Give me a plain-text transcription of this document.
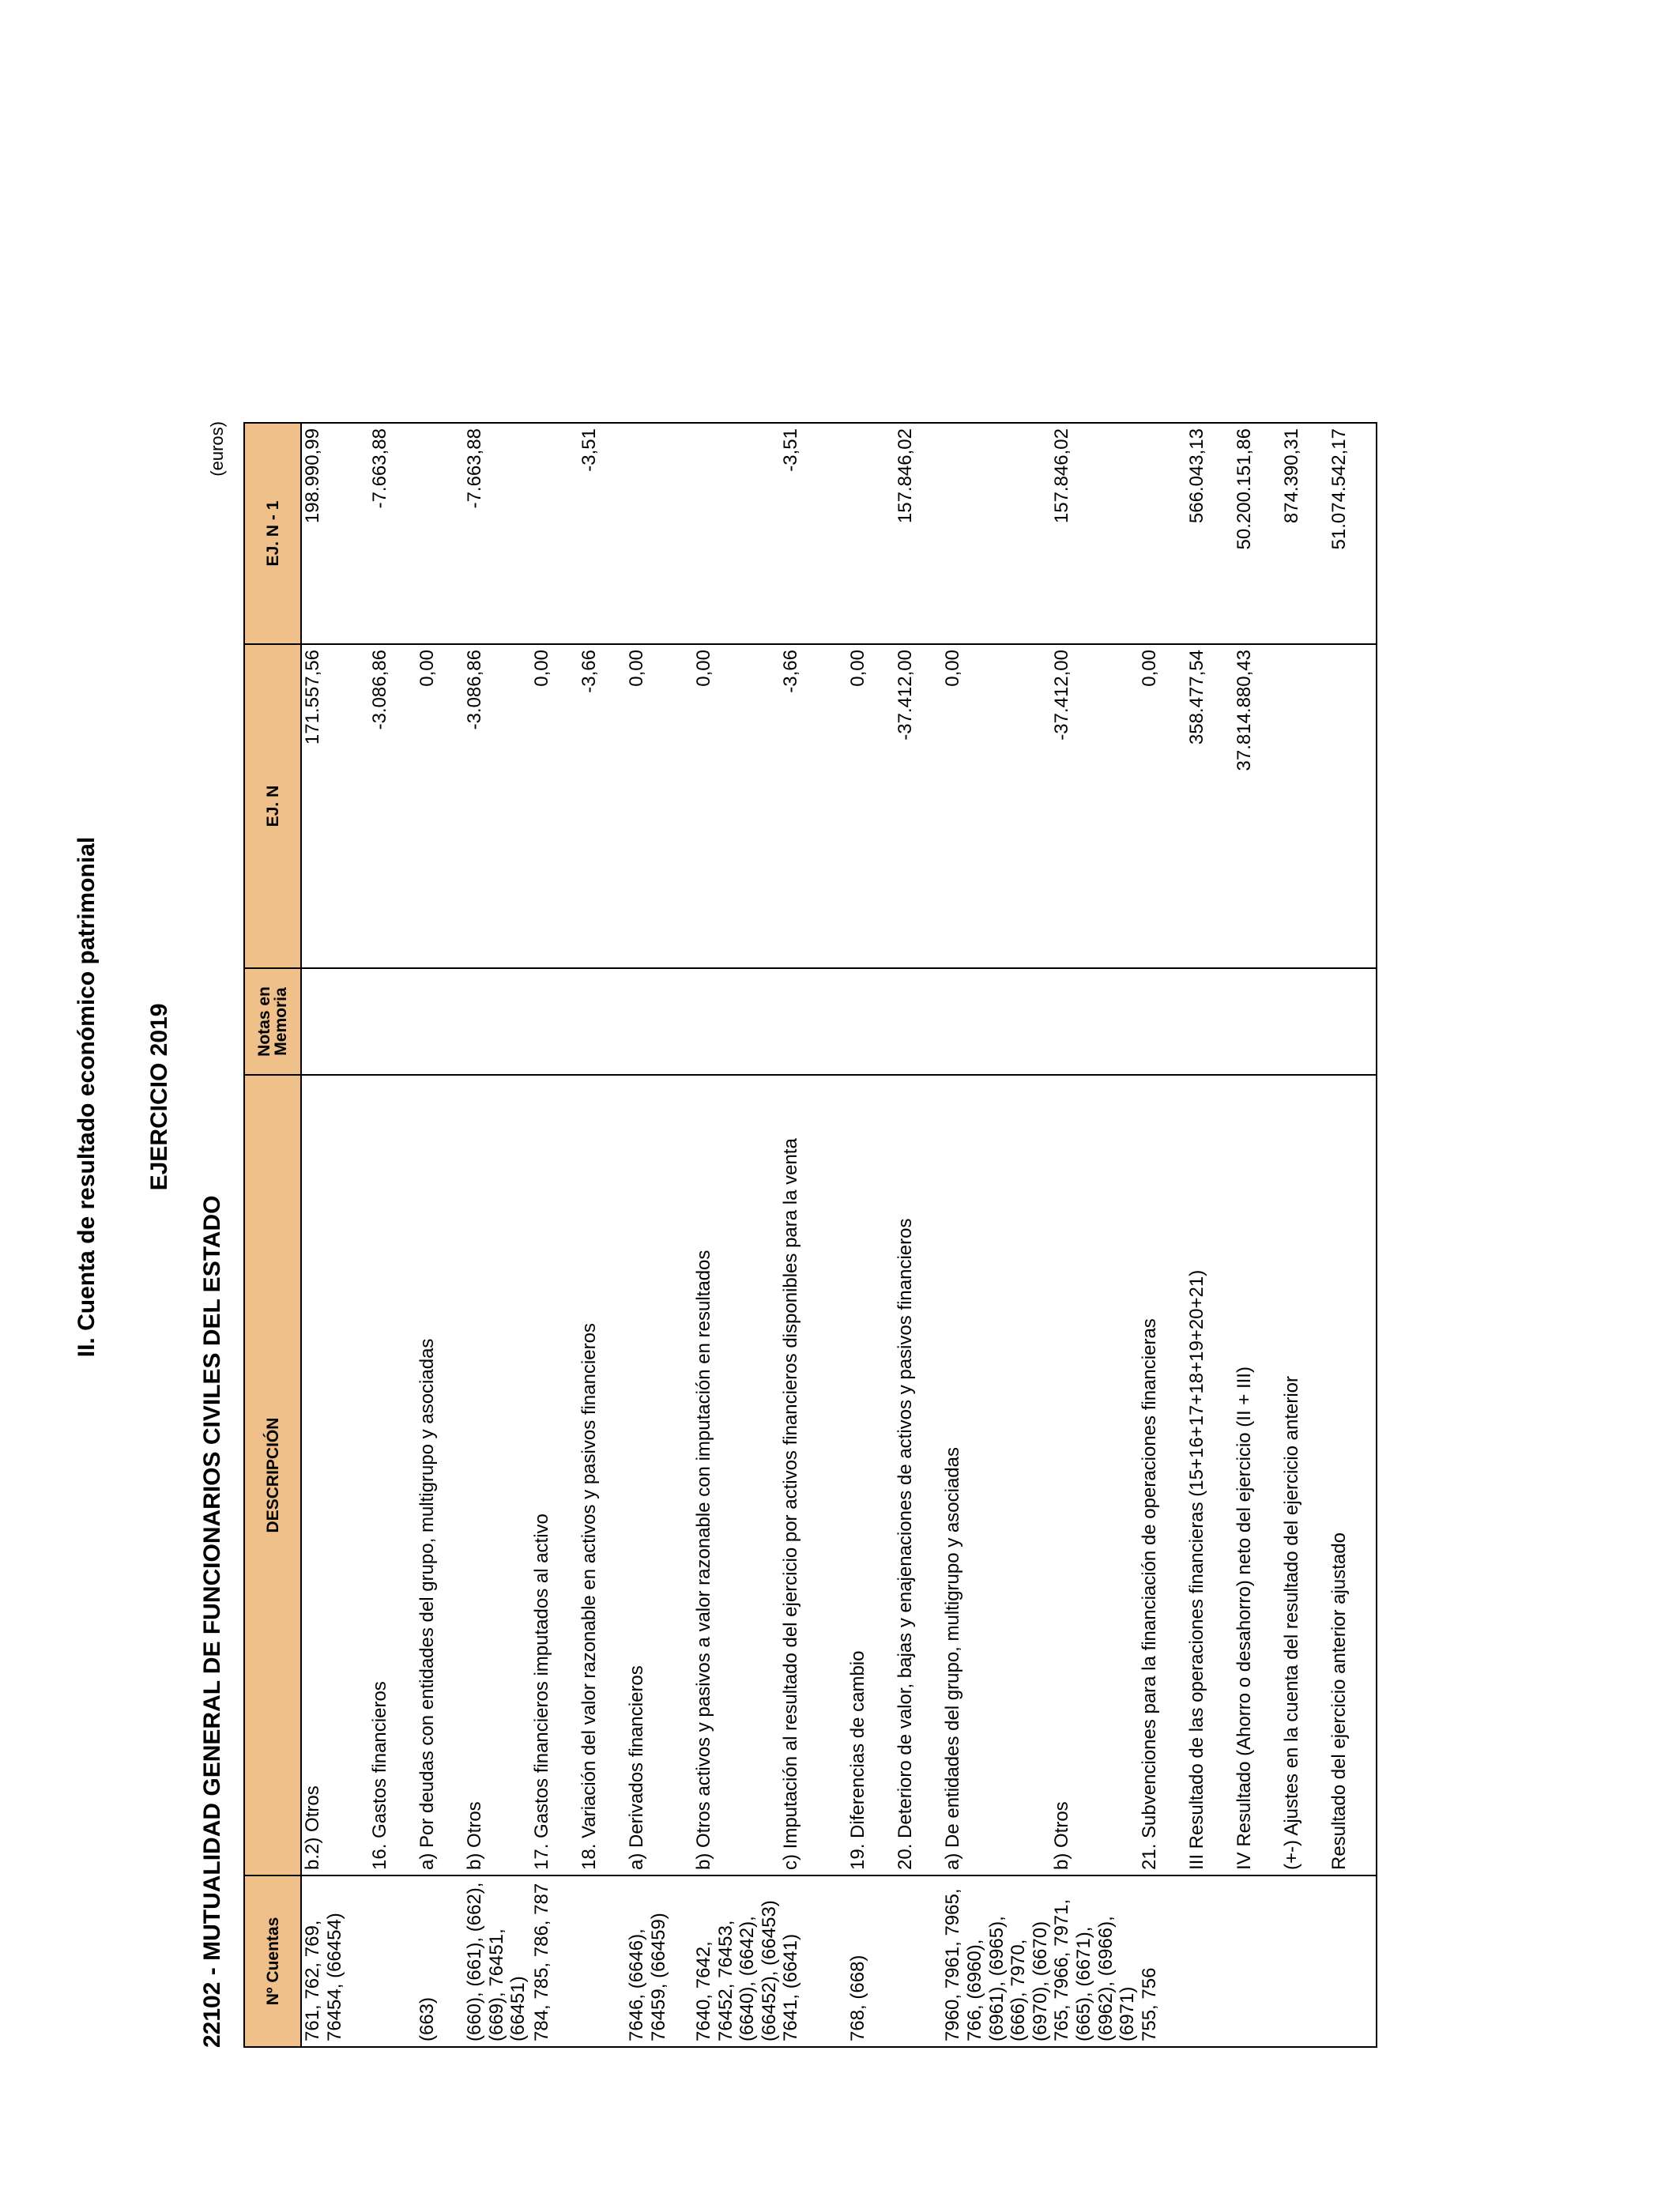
II. Cuenta de resultado económico patrimonial EJERCICIO 2019
22102 - MUTUALIDAD GENERAL DE FUNCIONARIOS CIVILES DEL ESTADO
(euros)
Nº Cuentas	DESCRIPCIÓN	Notas en Memoria	EJ. N	EJ. N - 1
761, 762, 769, 76454, (66454)	b.2) Otros		171.557,56	198.990,99
	16. Gastos financieros		-3.086,86	-7.663,88
(663)	a) Por deudas con entidades del grupo, multigrupo y asociadas		0,00	
(660), (661), (662), (669), 76451, (66451)	b) Otros		-3.086,86	-7.663,88
784, 785, 786, 787	17. Gastos financieros imputados al activo		0,00	
	18. Variación del valor razonable en activos y pasivos financieros		-3,66	-3,51
7646, (6646), 76459, (66459)	a) Derivados financieros		0,00	
7640, 7642, 76452, 76453, (6640), (6642), (66452), (66453)	b) Otros activos y pasivos a valor razonable con imputación en resultados		0,00	
7641, (6641)	c) Imputación al resultado del ejercicio por activos financieros disponibles para la venta		-3,66	-3,51
768, (668)	19. Diferencias de cambio		0,00	
	20. Deterioro de valor, bajas y enajenaciones de activos y pasivos financieros		-37.412,00	157.846,02
7960, 7961, 7965, 766, (6960), (6961), (6965), (666), 7970, (6970), (6670)	a) De entidades del grupo, multigrupo y asociadas		0,00	
765, 7966, 7971, (665), (6671), (6962), (6966), (6971)	b) Otros		-37.412,00	157.846,02
755, 756	21. Subvenciones para la financiación de operaciones financieras		0,00	
	III Resultado de las operaciones financieras (15+16+17+18+19+20+21)		358.477,54	566.043,13
	IV Resultado (Ahorro o desahorro) neto del ejercicio (II + III)		37.814.880,43	50.200.151,86
	(+-) Ajustes en la cuenta del resultado del ejercicio anterior			874.390,31
	Resultado del ejercicio anterior ajustado			51.074.542,17
